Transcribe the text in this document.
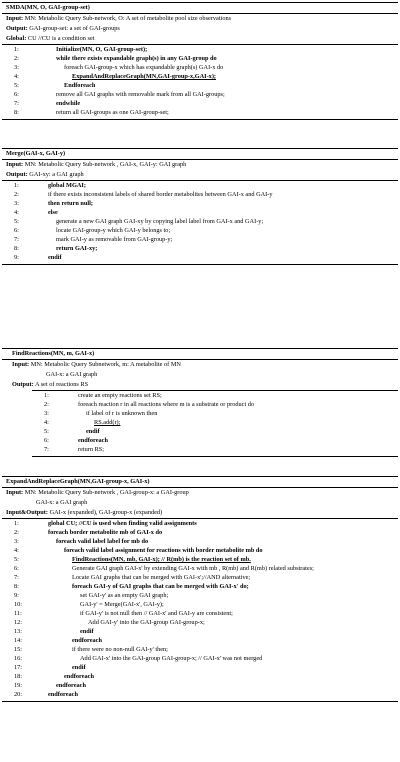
SMDA(MN, O, GAI-group-set)
Input: MN: Metabolic Query Sub-network, O: A set of metabolite pool size observations
Output: GAI-group-set: a set of GAI-groups
Global: CU //CU is a condition set
1:	Initialize(MN, O, GAI-group-set);
2:	while there exists expandable graph(s) in any GAI-group do
3:	foreach GAI-group-x which has expandable graph(s) GAI-x do
4:	ExpandAndReplaceGraph(MN,GAI-group-x,GAI-x);
5:	Endforeach
6:	remove all GAI graphs with removable mark from all GAI-groups;
7:	endwhile
8:	return all GAI-groups as one GAI-group-set;
Merge(GAI-x, GAI-y)
Input: MN: Metabolic Query Sub-network , GAI-x, GAI-y: GAI graph
Output: GAI-xy: a GAI graph
1:	global MGAI;
2:	if there exists inconsistent labels of shared border metabolites between GAI-x and GAI-y
3:	then return null;
4:	else
5:	generate a new GAI graph GAI-xy by copying label label from GAI-x and GAI-y;
6:	locate GAI-group-y which GAI-y belongs to;
7:	mark GAI-y as removable from GAI-group-y;
8:	return GAI-xy;
9:	endif
FindReactions(MN, m, GAI-x)
Input: MN: Metabolic Query Subnetwork, m: A metabolite of MN
GAI-x: a GAI graph
Output: A set of reactions RS
1:	create an empty reactions set RS;
2:	foreach reaction r in all reactions where m is a substrate or product do
3:	if label of r is unknown then
4:	RS.add(r);
5:	endif
6:	endforeach
7:	return RS;
ExpandAndReplaceGraph(MN,GAI-group-x, GAI-x)
Input: MN: Metabolic Query Sub-network , GAI-group-x: a GAI-group
GAI-x: a GAI graph
Input&Output: GAI-x (expanded), GAI-group-x (expanded)
1:	global CU; //CU is used when finding valid assignments
2:	foreach border metabolite mb of GAI-x do
3:	foreach valid label label for mb do
4:	foreach valid label assignment for reactions with border metabolite mb do
5:	FindReactions(MN, mb, GAI-x); // R(mb) is the reaction set of mb.
6:	Generate GAI graph GAI-x' by extending GAI-x with mb , R(mb) and R(mb) related substrates;
7:	Locate GAI graphs that can be merged with GAI-x';//AND alternative;
8:	foreach GAI-y of GAI graphs that can be merged with GAI-x' do;
9:	set GAI-y' as an empty GAI graph;
10:	GAI-y' = Merge(GAI-x', GAI-y);
11:	if GAI-y' is not null then // GAI-x' and GAI-y are consistent;
12:	Add GAI-y' into the GAI-group GAI-group-x;
13:	endif
14:	endforeach
15:	if there were no non-null GAI-y' then;
16:	Add GAI-x' into the GAI-group GAI-group-x; // GAI-x' was not merged
17:	endif
18:	endforeach
19:	endforeach
20:	endforeach
